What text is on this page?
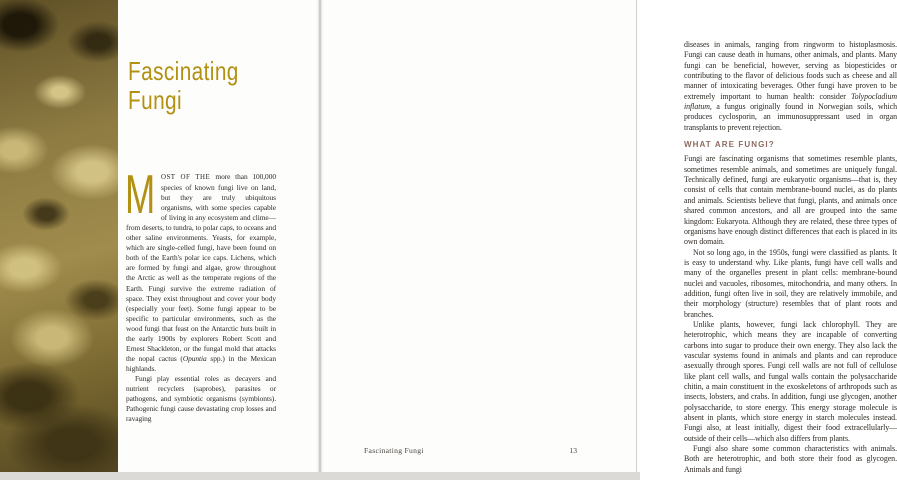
Fascinating
Fungi

MOST OF THE more than 100,000 species of known fungi live on land, but they are truly ubiquitous organisms, with some species capable of living in any ecosystem and clime—from deserts, to tundra, to polar caps, to oceans and other saline environments. Yeasts, for example, which are single-celled fungi, have been found on both of the Earth's polar ice caps. Lichens, which are formed by fungi and algae, grow throughout the Arctic as well as the temperate regions of the Earth. Fungi survive the extreme radiation of space. They exist throughout and cover your body (especially your feet). Some fungi appear to be specific to particular environments, such as the wood fungi that feast on the Antarctic huts built in the early 1900s by explorers Robert Scott and Ernest Shackleton, or the fungal mold that attacks the nopal cactus (Opuntia spp.) in the Mexican highlands.

Fungi play essential roles as decayers and nutrient recyclers (saprobes), parasites or pathogens, and symbiotic organisms (symbionts). Pathogenic fungi cause devastating crop losses and ravaging

diseases in animals, ranging from ringworm to histoplasmosis. Fungi can cause death in humans, other animals, and plants. Many fungi can be beneficial, however, serving as biopesticides or contributing to the flavor of delicious foods such as cheese and all manner of intoxicating beverages. Other fungi have proven to be extremely important to human health: consider Tolypocladium inflatum, a fungus originally found in Norwegian soils, which produces cyclosporin, an immunosuppressant used in organ transplants to prevent rejection.

WHAT ARE FUNGI?

Fungi are fascinating organisms that sometimes resemble plants, sometimes resemble animals, and sometimes are uniquely fungal. Technically defined, fungi are eukaryotic organisms—that is, they consist of cells that contain membrane-bound nuclei, as do plants and animals. Scientists believe that fungi, plants, and animals once shared common ancestors, and all are grouped into the same kingdom: Eukaryota. Although they are related, these three types of organisms have enough distinct differences that each is placed in its own domain.

Not so long ago, in the 1950s, fungi were classified as plants. It is easy to understand why. Like plants, fungi have cell walls and many of the organelles present in plant cells: membrane-bound nuclei and vacuoles, ribosomes, mitochondria, and many others. In addition, fungi often live in soil, they are relatively immobile, and their morphology (structure) resembles that of plant roots and branches.

Unlike plants, however, fungi lack chlorophyll. They are heterotrophic, which means they are incapable of converting carbons into sugar to produce their own energy. They also lack the vascular systems found in animals and plants and can reproduce asexually through spores. Fungi cell walls are not full of cellulose like plant cell walls, and fungal walls contain the polysaccharide chitin, a main constituent in the exoskeletons of arthropods such as insects, lobsters, and crabs. In addition, fungi use glycogen, another polysaccharide, to store energy. This energy storage molecule is absent in plants, which store energy in starch molecules instead. Fungi also, at least initially, digest their food extracellularly—outside of their cells—which also differs from plants.

Fungi also share some common characteristics with animals. Both are heterotrophic, and both store their food as glycogen. Animals and fungi

Fascinating Fungi	13
